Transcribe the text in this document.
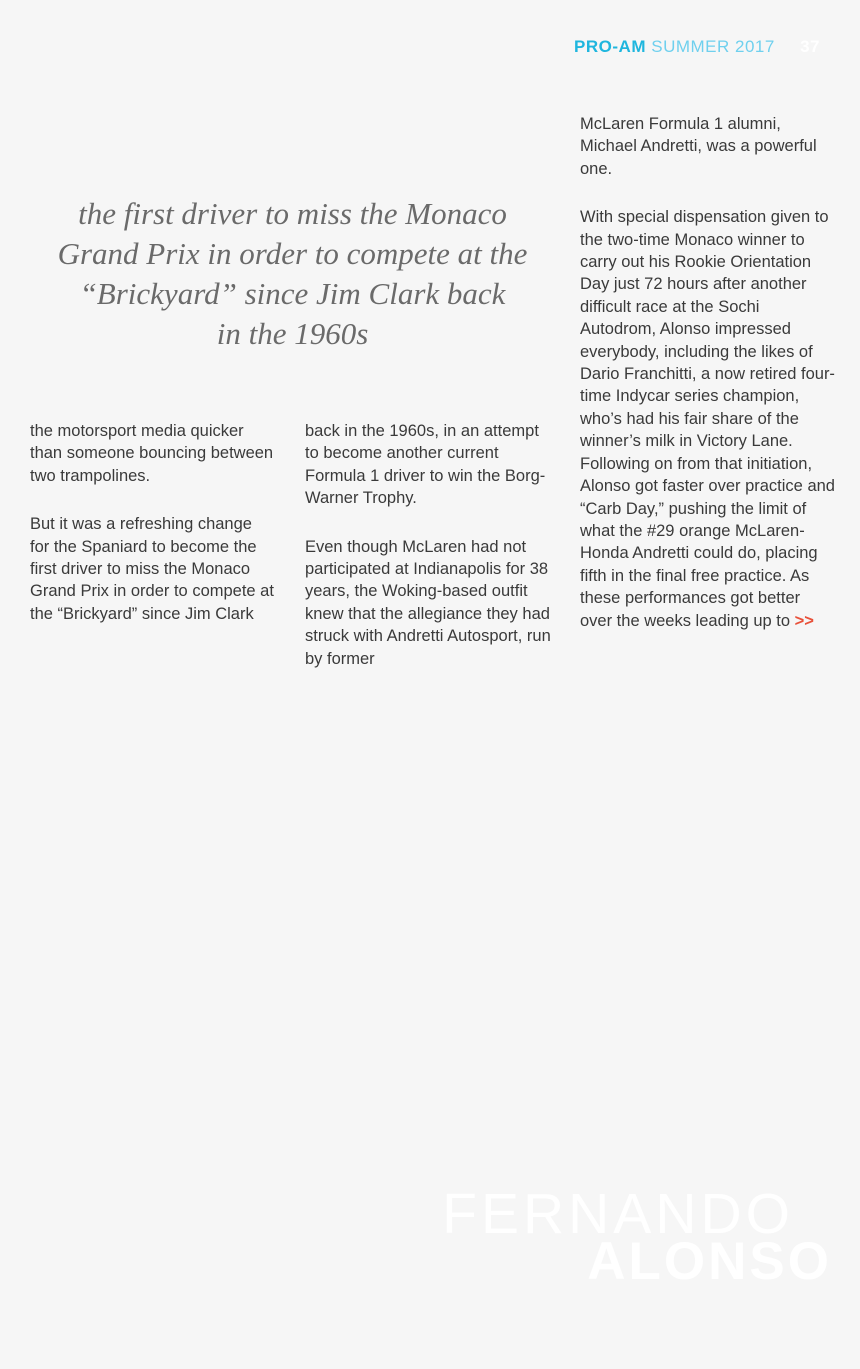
PRO-AM SUMMER 2017 37
the first driver to miss the Monaco
Grand Prix in order to compete at the
“Brickyard” since Jim Clark back
in the 1960s

the motorsport media quicker than someone bouncing between two trampolines.

But it was a refreshing change for the Spaniard to become the first driver to miss the Monaco Grand Prix in order to compete at the “Brickyard” since Jim Clark

back in the 1960s, in an attempt to become another current Formula 1 driver to win the Borg-Warner Trophy.

Even though McLaren had not participated at Indianapolis for 38 years, the Woking-based outfit knew that the allegiance they had struck with Andretti Autosport, run by former

McLaren Formula 1 alumni, Michael Andretti, was a powerful one.

With special dispensation given to the two-time Monaco winner to carry out his Rookie Orientation Day just 72 hours after another difficult race at the Sochi Autodrom, Alonso impressed everybody, including the likes of Dario Franchitti, a now retired four-time Indycar series champion, who’s had his fair share of the winner’s milk in Victory Lane. Following on from that initiation, Alonso got faster over practice and “Carb Day,” pushing the limit of what the #29 orange McLaren-Honda Andretti could do, placing fifth in the final free practice. As these performances got better over the weeks leading up to >>

FERNANDO
ALONSO
